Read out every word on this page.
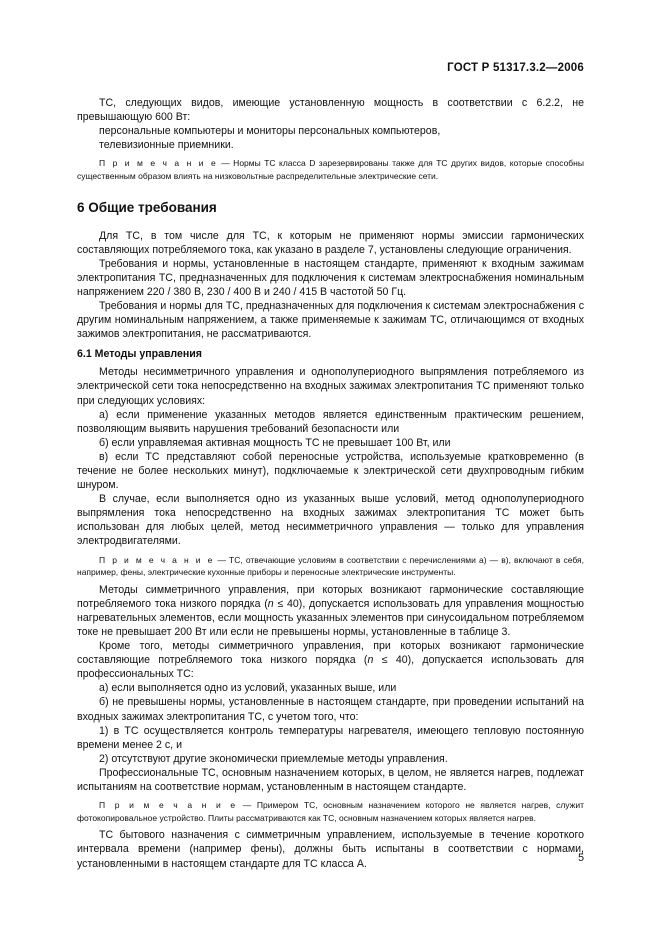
ГОСТ Р 51317.3.2—2006

ТС, следующих видов, имеющие установленную мощность в соответствии с 6.2.2, не превышающую 600 Вт:

персональные компьютеры и мониторы персональных компьютеров,

телевизионные приемники.

П р и м е ч а н и е — Нормы ТС класса D зарезервированы также для ТС других видов, которые способны существенным образом влиять на низковольтные распределительные электрические сети.

6 Общие требования

Для ТС, в том числе для ТС, к которым не применяют нормы эмиссии гармонических составляющих потребляемого тока, как указано в разделе 7, установлены следующие ограничения.

Требования и нормы, установленные в настоящем стандарте, применяют к входным зажимам электропитания ТС, предназначенных для подключения к системам электроснабжения номинальным напряжением 220 / 380 В, 230 / 400 В и 240 / 415 В частотой 50 Гц.

Требования и нормы для ТС, предназначенных для подключения к системам электроснабжения с другим номинальным напряжением, а также применяемые к зажимам ТС, отличающимся от входных зажимов электропитания, не рассматриваются.

6.1 Методы управления

Методы несимметричного управления и однополупериодного выпрямления потребляемого из электрической сети тока непосредственно на входных зажимах электропитания ТС применяют только при следующих условиях:

а) если применение указанных методов является единственным практическим решением, позволяющим выявить нарушения требований безопасности или

б) если управляемая активная мощность ТС не превышает 100 Вт, или

в) если ТС представляют собой переносные устройства, используемые кратковременно (в течение не более нескольких минут), подключаемые к электрической сети двухпроводным гибким шнуром.

В случае, если выполняется одно из указанных выше условий, метод однополупериодного выпрямления тока непосредственно на входных зажимах электропитания ТС может быть использован для любых целей, метод несимметричного управления — только для управления электродвигателями.

П р и м е ч а н и е — ТС, отвечающие условиям в соответствии с перечислениями а) — в), включают в себя, например, фены, электрические кухонные приборы и переносные электрические инструменты.

Методы симметричного управления, при которых возникают гармонические составляющие потребляемого тока низкого порядка (n ≤ 40), допускается использовать для управления мощностью нагревательных элементов, если мощность указанных элементов при синусоидальном потребляемом токе не превышает 200 Вт или если не превышены нормы, установленные в таблице 3.

Кроме того, методы симметричного управления, при которых возникают гармонические составляющие потребляемого тока низкого порядка (n ≤ 40), допускается использовать для профессиональных ТС:

а) если выполняется одно из условий, указанных выше, или

б) не превышены нормы, установленные в настоящем стандарте, при проведении испытаний на входных зажимах электропитания ТС, с учетом того, что:

1) в ТС осуществляется контроль температуры нагревателя, имеющего тепловую постоянную времени менее 2 с, и

2) отсутствуют другие экономически приемлемые методы управления.

Профессиональные ТС, основным назначением которых, в целом, не является нагрев, подлежат испытаниям на соответствие нормам, установленным в настоящем стандарте.

П р и м е ч а н и е — Примером ТС, основным назначением которого не является нагрев, служит фотокопировальное устройство. Плиты рассматриваются как ТС, основным назначением которых является нагрев.

ТС бытового назначения с симметричным управлением, используемые в течение короткого интервала времени (например фены), должны быть испытаны в соответствии с нормами, установленными в настоящем стандарте для ТС класса А.	5
